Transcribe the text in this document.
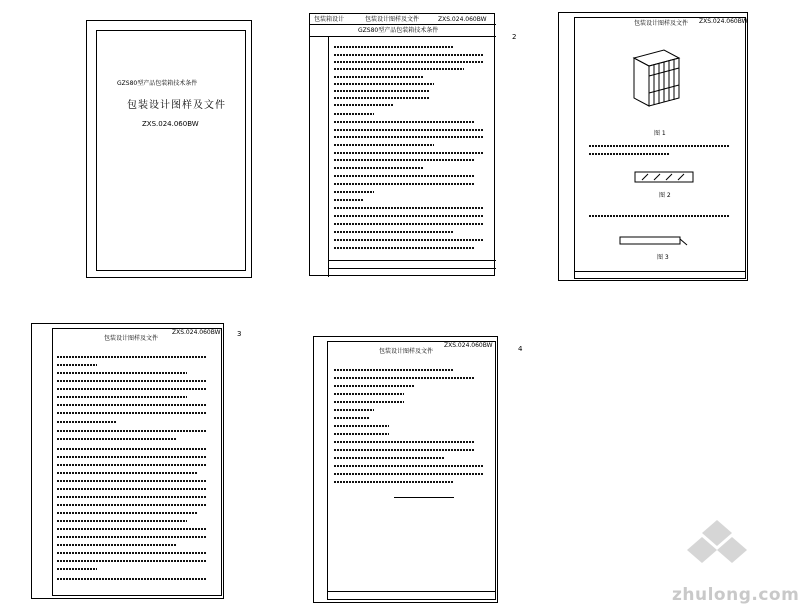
GZS80型产品包装箱技术条件
包装设计图样及文件
ZXS.024.060BW
包装箱设计	包装设计图样及文件	ZXS.024.060BW
GZS80型产品包装箱技术条件
2
包装设计图样及文件 ZXS.024.060BW
图 1
图 2
图 3
包装设计图样及文件
ZXS.024.060BW 3
包装设计图样及文件
ZXS.024.060BW	4
zhulong.com
